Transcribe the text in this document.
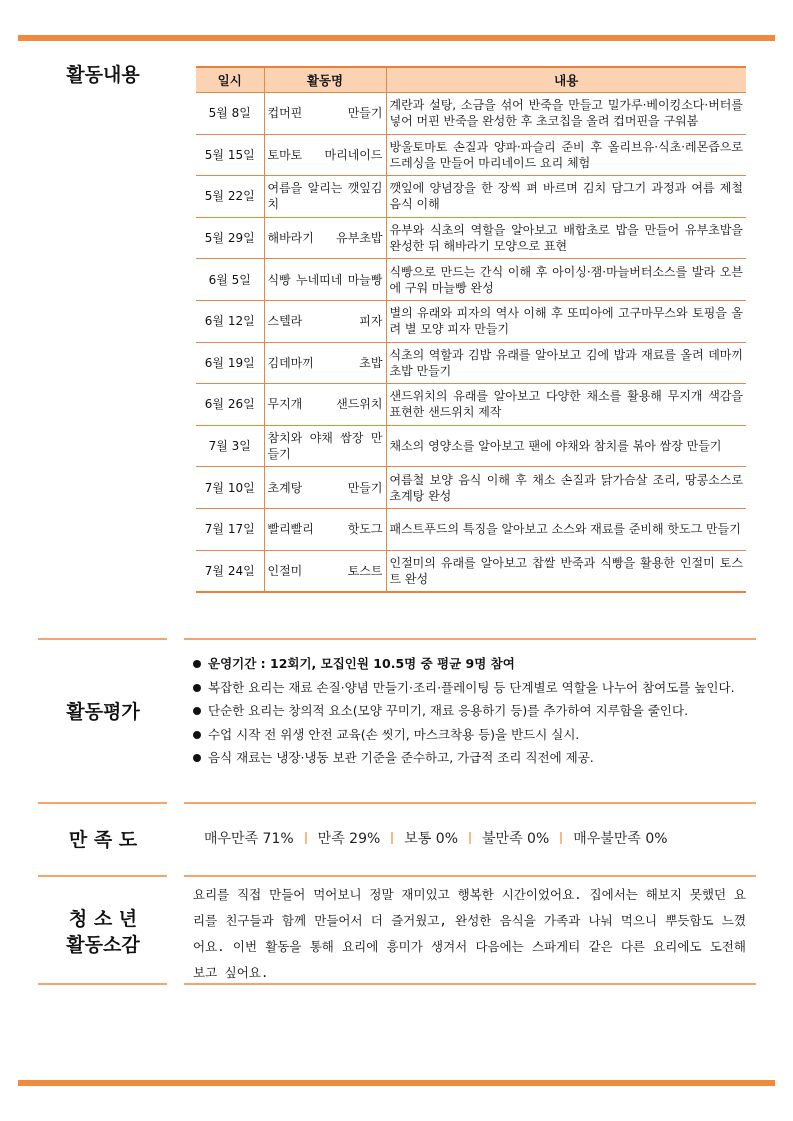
활동내용	일시	활동명	내용
5월 8일	컵머핀 만들기	계란과 설탕, 소금을 섞어 반죽을 만들고 밀가루·베이킹소다·버터를 넣어 머핀 반죽을 완성한 후 초코칩을 올려 컵머핀을 구워봄
5월 15일	토마토 마리네이드	방울토마토 손질과 양파·파슬리 준비 후 올리브유·식초·레몬즙으로 드레싱을 만들어 마리네이드 요리 체험
5월 22일	여름을 알리는 깻잎김치	깻잎에 양념장을 한 장씩 펴 바르며 김치 담그기 과정과 여름 제철 음식 이해
5월 29일	해바라기 유부초밥	유부와 식초의 역할을 알아보고 배합초로 밥을 만들어 유부초밥을 완성한 뒤 해바라기 모양으로 표현
6월 5일	식빵 누네띠네 마늘빵	식빵으로 만드는 간식 이해 후 아이싱·잼·마늘버터소스를 발라 오븐에 구워 마늘빵 완성
6월 12일	스텔라 피자	별의 유래와 피자의 역사 이해 후 또띠아에 고구마무스와 토핑을 올려 별 모양 피자 만들기
6월 19일	김데마끼 초밥	식초의 역할과 김밥 유래를 알아보고 김에 밥과 재료를 올려 데마끼 초밥 만들기
6월 26일	무지개 샌드위치	샌드위치의 유래를 알아보고 다양한 채소를 활용해 무지개 색감을 표현한 샌드위치 제작
7월 3일	참치와 야채 쌈장 만들기	채소의 영양소를 알아보고 팬에 야채와 참치를 볶아 쌈장 만들기
7월 10일	초계탕 만들기	여름철 보양 음식 이해 후 채소 손질과 닭가슴살 조리, 땅콩소스로 초계탕 완성
7월 17일	빨리빨리 핫도그	패스트푸드의 특징을 알아보고 소스와 재료를 준비해 핫도그 만들기
7월 24일	인절미 토스트	인절미의 유래를 알아보고 찹쌀 반죽과 식빵을 활용한 인절미 토스트 완성
활동평가
운영기간 : 12회기, 모집인원 10.5명 중 평균 9명 참여
복잡한 요리는 재료 손질·양념 만들기·조리·플레이팅 등 단계별로 역할을 나누어 참여도를 높인다.
단순한 요리는 창의적 요소(모양 꾸미기, 재료 응용하기 등)를 추가하여 지루함을 줄인다.
수업 시작 전 위생 안전 교육(손 씻기, 마스크착용 등)을 반드시 실시.
음식 재료는 냉장·냉동 보관 기준을 준수하고, 가급적 조리 직전에 제공.
만 족 도	매우만족 71% 만족 29% 보통 0% 불만족 0% 매우불만족 0%
청 소 년
활동소감
요리를 직접 만들어 먹어보니 정말 재미있고 행복한 시간이었어요. 집에서는 해보지 못했던 요리를 친구들과 함께 만들어서 더 즐거웠고, 완성한 음식을 가족과 나눠 먹으니 뿌듯함도 느꼈어요. 이번 활동을 통해 요리에 흥미가 생겨서 다음에는 스파게티 같은 다른 요리에도 도전해 보고 싶어요.
